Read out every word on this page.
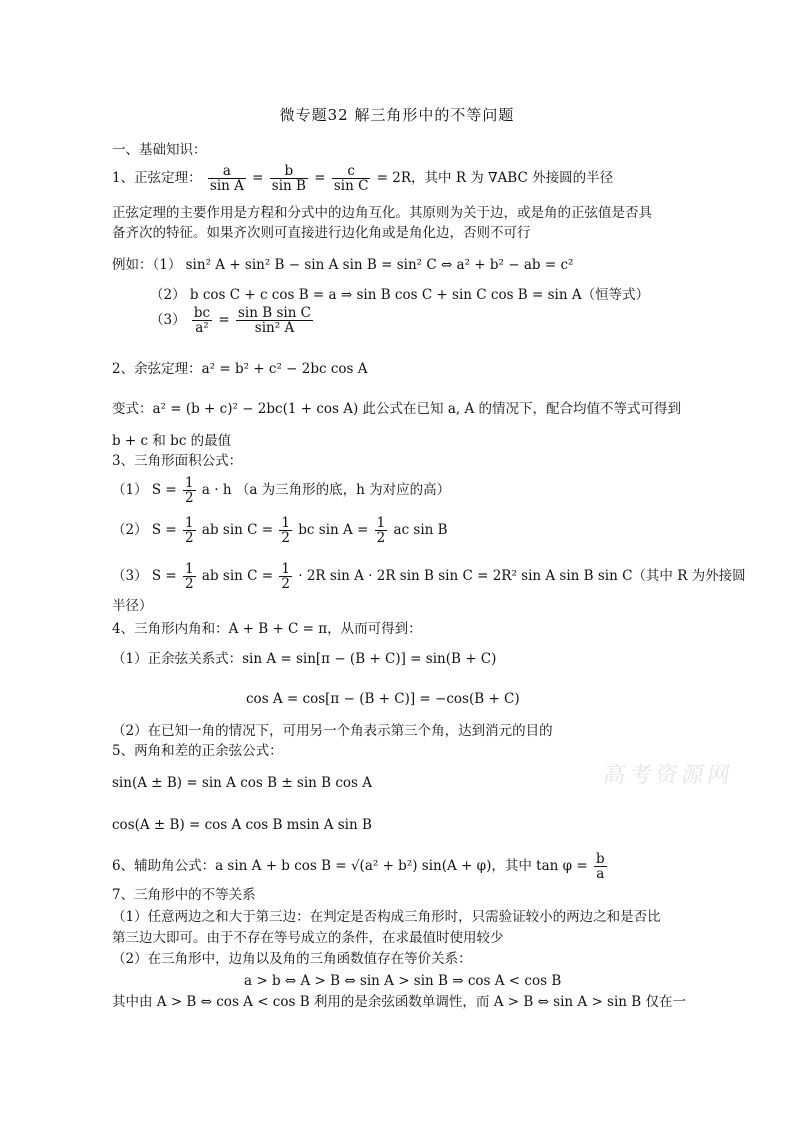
微专题32 解三角形中的不等问题
一、基础知识：
1、正弦定理： $\frac{a}{\text{sin A}} = \frac{b}{\text{sin B}} = \frac{c}{\text{sin C}} = 2R$，其中 R 为 ∇ABC 外接圆的半径
正弦定理的主要作用是方程和分式中的边角互化。其原则为关于边，或是角的正弦值是否具
备齐次的特征。如果齐次则可直接进行边化角或是角化边，否则不可行
例如：（1） sin² A + sin² B − sin A sin B = sin² C ⇔ a² + b² − ab = c²
（2） b cos C + c cos B = a ⇒ sin B cos C + sin C cos B = sin A（恒等式）
$(3) \frac{bc}{\text{a²}} = \frac{\text{sin B sin C}}{\text{sin² A}}$
2、余弦定理：a² = b² + c² − 2bc cos A
变式：a² = (b + c)² − 2bc(1 + cos A) 此公式在已知 a, A 的情况下，配合均值不等式可得到
b + c 和 bc 的最值
3、三角形面积公式：
（1） $S = \frac{1}{2}$ a · h （a 为三角形的底，h 为对应的高）
（2） $S = \frac{1}{2}$ ab $\sin C = \frac{1}{2}$ bc $\sin A = \frac{1}{2}$ ac sin B
（3） $S = \frac{1}{2}$ ab $\sin C = \frac{1}{2} \cdot 2R$ sin A · 2R sin B sin C = 2R² sin A sin B sin C（其中 R 为外接圆
半径）
4、三角形内角和：A + B + C = π，从而可得到：
（1）正余弦关系式：sin A = sin[π − (B + C)] = sin(B + C)
cos A = cos[π − (B + C)] = −cos(B + C)
（2）在已知一角的情况下，可用另一个角表示第三个角，达到消元的目的
5、两角和差的正余弦公式：
sin(A ± B) = sin A cos B ± sin B cos A
cos(A ± B) = cos A cos B msin A sin B
6、辅助角公式：a sin A + b cos B = √(a² + b²) sin(A + φ)，其中 $\tan \varphi = \frac{b}{a}$
7、三角形中的不等关系
（1）任意两边之和大于第三边：在判定是否构成三角形时，只需验证较小的两边之和是否比
第三边大即可。由于不存在等号成立的条件，在求最值时使用较少
（2）在三角形中，边角以及角的三角函数值存在等价关系：
a > b ⇔ A > B ⇔ sin A > sin B ⇒ cos A < cos B
其中由 A > B ⇔ cos A < cos B 利用的是余弦函数单调性，而 A > B ⇔ sin A > sin B 仅在一
高考资源网
